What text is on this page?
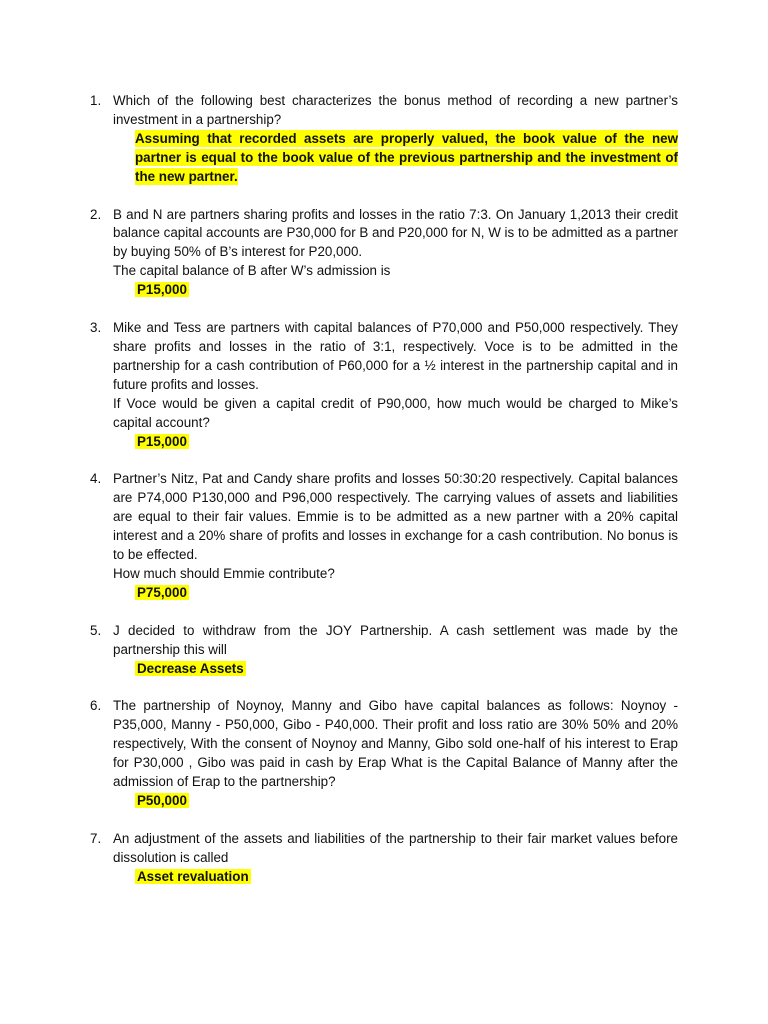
1. Which of the following best characterizes the bonus method of recording a new partner’s investment in a partnership?
Assuming that recorded assets are properly valued, the book value of the new partner is equal to the book value of the previous partnership and the investment of the new partner.
2. B and N are partners sharing profits and losses in the ratio 7:3. On January 1,2013 their credit balance capital accounts are P30,000 for B and P20,000 for N, W is to be admitted as a partner by buying 50% of B’s interest for P20,000.
The capital balance of B after W’s admission is
P15,000
3. Mike and Tess are partners with capital balances of P70,000 and P50,000 respectively. They share profits and losses in the ratio of 3:1, respectively. Voce is to be admitted in the partnership for a cash contribution of P60,000 for a ½ interest in the partnership capital and in future profits and losses.
If Voce would be given a capital credit of P90,000, how much would be charged to Mike’s capital account?
P15,000
4. Partner’s Nitz, Pat and Candy share profits and losses 50:30:20 respectively. Capital balances are P74,000 P130,000 and P96,000 respectively. The carrying values of assets and liabilities are equal to their fair values. Emmie is to be admitted as a new partner with a 20% capital interest and a 20% share of profits and losses in exchange for a cash contribution. No bonus is to be effected.
How much should Emmie contribute?
P75,000
5. J decided to withdraw from the JOY Partnership. A cash settlement was made by the partnership this will
Decrease Assets
6. The partnership of Noynoy, Manny and Gibo have capital balances as follows: Noynoy - P35,000, Manny - P50,000, Gibo - P40,000. Their profit and loss ratio are 30% 50% and 20% respectively, With the consent of Noynoy and Manny, Gibo sold one-half of his interest to Erap for P30,000 , Gibo was paid in cash by Erap What is the Capital Balance of Manny after the admission of Erap to the partnership?
P50,000
7. An adjustment of the assets and liabilities of the partnership to their fair market values before dissolution is called
Asset revaluation
